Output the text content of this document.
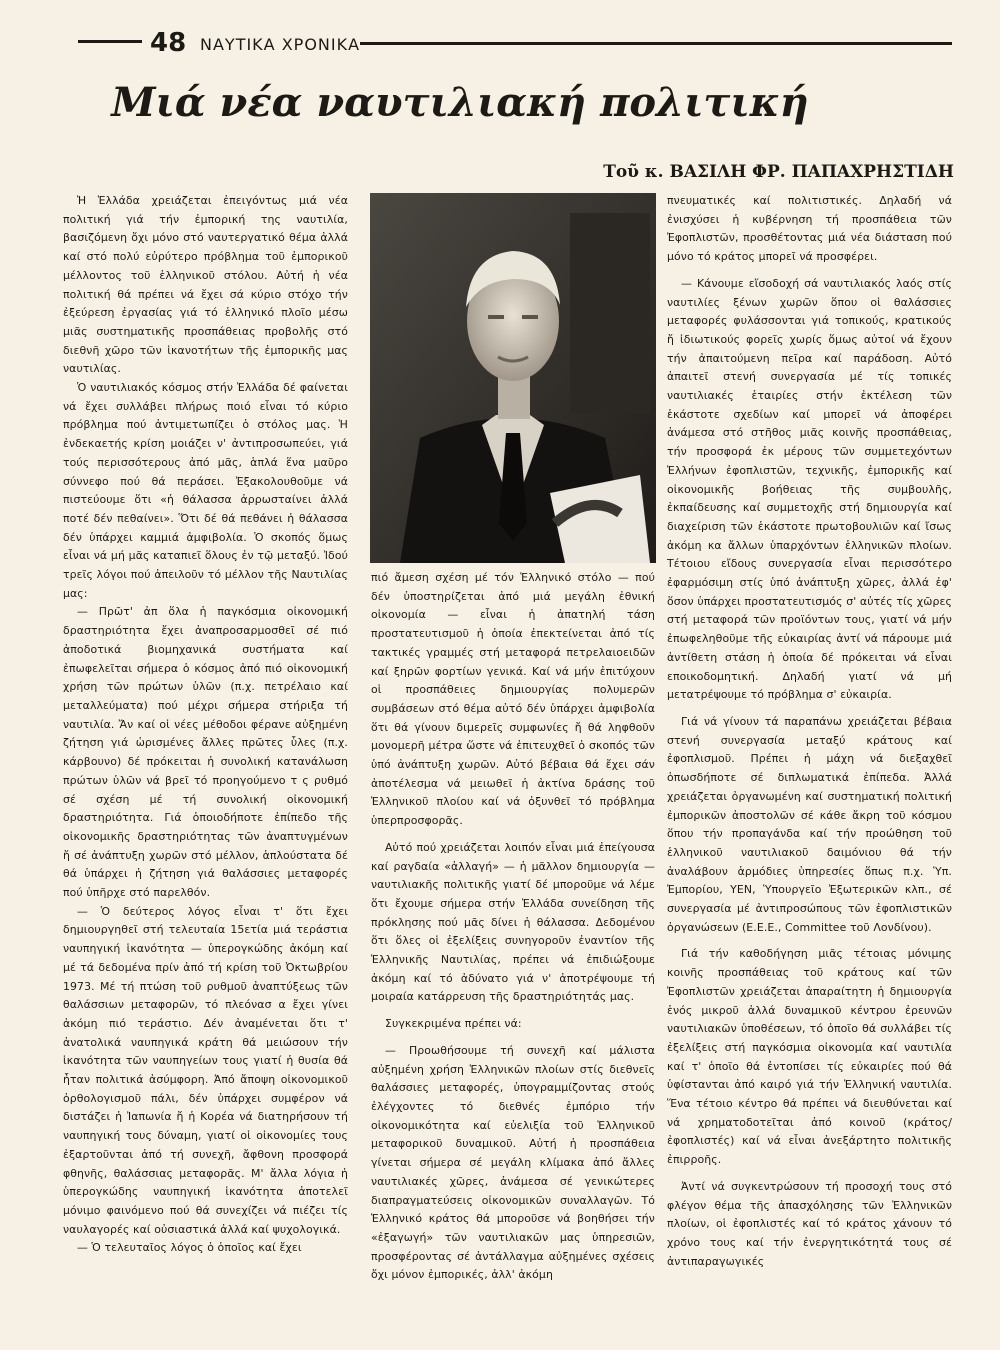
48 ΝΑΥΤΙΚΑ ΧΡΟΝΙΚΑ
Μιά νέα ναυτιλιακή πολιτική
Τοῦ κ. ΒΑΣΙΛΗ ΦΡ. ΠΑΠΑΧΡΗΣΤΙΔΗ

Ἡ Ἑλλάδα χρειάζεται ἐπειγόντως μιά νέα πολιτική γιά τήν ἐμπορική της ναυτιλία, βασιζόμενη ὄχι μόνο στό ναυτεργατικό θέμα ἀλλά καί στό πολύ εὐρύτερο πρόβλημα τοῦ ἐμπορικοῦ μέλλοντος τοῦ ἑλληνικοῦ στόλου. Αὐτή ἡ νέα πολιτική θά πρέπει νά ἔχει σά κύριο στόχο τήν ἐξεύρεση ἐργασίας γιά τό ἑλληνικό πλοῖο μέσω μιᾶς συστηματικῆς προσπάθειας προβολῆς στό διεθνῆ χῶρο τῶν ἱκανοτήτων τῆς ἐμπορικῆς μας ναυτιλίας.

Ὁ ναυτιλιακός κόσμος στήν Ἑλλάδα δέ φαίνεται νά ἔχει συλλάβει πλήρως ποιό εἶναι τό κύριο πρόβλημα πού ἀντιμετωπίζει ὁ στόλος μας. Ἡ ἐνδεκαετής κρίση μοιάζει ν' ἀντιπροσωπεύει, γιά τούς περισσότερους ἀπό μᾶς, ἁπλά ἕνα μαῦρο σύννεφο πού θά περάσει. Ἐξακολουθοῦμε νά πιστεύουμε ὅτι «ἡ θάλασσα ἀρρωσταίνει ἀλλά ποτέ δέν πεθαίνει». Ὅτι δέ θά πεθάνει ἡ θάλασσα δέν ὑπάρχει καμμιά ἀμφιβολία. Ὁ σκοπός ὅμως εἶναι νά μή μᾶς καταπιεῖ ὅλους ἐν τῷ μεταξύ. Ἰδού τρεῖς λόγοι πού ἀπειλοῦν τό μέλλον τῆς Ναυτιλίας μας:

— Πρῶτ' ἀπ ὅλα ἡ παγκόσμια οἰκονομική δραστηριότητα ἔχει ἀναπροσαρμοσθεῖ σέ πιό ἀποδοτικά βιομηχανικά συστήματα καί ἐπωφελεῖται σήμερα ὁ κόσμος ἀπό πιό οἰκονομική χρήση τῶν πρώτων ὑλῶν (π.χ. πετρέλαιο καί μεταλλεύματα) πού μέχρι σήμερα στήριξα τή ναυτιλία. Ἄν καί οἱ νέες μέθοδοι φέρανε αὐξημένη ζήτηση γιά ὡρισμένες ἄλλες πρῶτες ὗλες (π.χ. κάρβουνο) δέ πρόκειται ἡ συνολική κατανάλωση πρώτων ὑλῶν νά βρεῖ τό προηγούμενο τ ς ρυθμό σέ σχέση μέ τή συνολική οἰκονομική δραστηριότητα. Γιά ὁποιοδήποτε ἐπίπεδο τῆς οἰκονομικῆς δραστηριότητας τῶν ἀναπτυγμένων ἤ σέ ἀνάπτυξη χωρῶν στό μέλλον, ἁπλούστατα δέ θά ὑπάρχει ἡ ζήτηση γιά θαλάσσιες μεταφορές πού ὑπῆρχε στό παρελθόν.

— Ὁ δεύτερος λόγος εἶναι τ' ὅτι ἔχει δημιουργηθεῖ στή τελευταία 15ετία μιά τεράστια ναυπηγική ἱκανότητα — ὑπερογκώδης ἀκόμη καί μέ τά δεδομένα πρίν ἀπό τή κρίση τοῦ Ὀκτωβρίου 1973. Μέ τή πτώση τοῦ ρυθμοῦ ἀναπτύξεως τῶν θαλάσσιων μεταφορῶν, τό πλεόνασ α ἔχει γίνει ἀκόμη πιό τεράστιο. Δέν ἀναμένεται ὅτι τ' ἀνατολικά ναυπηγικά κράτη θά μειώσουν τήν ἱκανότητα τῶν ναυπηγείων τους γιατί ἡ θυσία θά ἦταν πολιτικά ἀσύμφορη. Ἀπό ἄποψη οἰκονομικοῦ ὀρθολογισμοῦ πάλι, δέν ὑπάρχει συμφέρον νά διστάζει ἡ Ἰαπωνία ἤ ἡ Κορέα νά διατηρήσουν τή ναυπηγική τους δύναμη, γιατί οἱ οἰκονομίες τους ἐξαρτοῦνται ἀπό τή συνεχῆ, ἄφθονη προσφορά φθηνῆς, θαλάσσιας μεταφορᾶς. Μ' ἄλλα λόγια ἡ ὑπερογκώδης ναυπηγική ἱκανότητα ἀποτελεῖ μόνιμο φαινόμενο πού θά συνεχίζει νά πιέζει τίς ναυλαγορές καί οὐσιαστικά ἀλλά καί ψυχολογικά.

— Ὁ τελευταῖος λόγος ὁ ὁποῖος καί ἔχει

πιό ἄμεση σχέση μέ τόν Ἑλληνικό στόλο — πού δέν ὑποστηρίζεται ἀπό μιά μεγάλη ἐθνική οἰκονομία — εἶναι ἡ ἀπατηλή τάση προστατευτισμοῦ ἡ ὁποία ἐπεκτείνεται ἀπό τίς τακτικές γραμμές στή μεταφορά πετρελαιοειδῶν καί ξηρῶν φορτίων γενικά. Καί νά μήν ἐπιτύχουν οἱ προσπάθειες δημιουργίας πολυμερῶν συμβάσεων στό θέμα αὐτό δέν ὑπάρχει ἀμφιβολία ὅτι θά γίνουν διμερεῖς συμφωνίες ἤ θά ληφθοῦν μονομερῆ μέτρα ὥστε νά ἐπιτευχθεῖ ὁ σκοπός τῶν ὑπό ἀνάπτυξη χωρῶν. Αὐτό βέβαια θά ἔχει σάν ἀποτέλεσμα νά μειωθεῖ ἡ ἀκτίνα δράσης τοῦ Ἑλληνικοῦ πλοίου καί νά ὀξυνθεῖ τό πρόβλημα ὑπερπροσφορᾶς.

Αὐτό πού χρειάζεται λοιπόν εἶναι μιά ἐπείγουσα καί ραγδαία «ἀλλαγή» — ἡ μᾶλλον δημιουργία — ναυτιλιακῆς πολιτικῆς γιατί δέ μποροῦμε νά λέμε ὅτι ἔχουμε σήμερα στήν Ἑλλάδα συνείδηση τῆς πρόκλησης πού μᾶς δίνει ἡ θάλασσα. Δεδομένου ὅτι ὅλες οἱ ἐξελίξεις συνηγοροῦν ἐναντίον τῆς Ἑλληνικῆς Ναυτιλίας, πρέπει νά ἐπιδιώξουμε ἀκόμη καί τό ἀδύνατο γιά ν' ἀποτρέψουμε τή μοιραία κατάρρευση τῆς δραστηριότητάς μας.

Συγκεκριμένα πρέπει νά:

— Προωθήσουμε τή συνεχῆ καί μάλιστα αὐξημένη χρήση Ἑλληνικῶν πλοίων στίς διεθνεῖς θαλάσσιες μεταφορές, ὑπογραμμίζοντας στούς ἐλέγχοντες τό διεθνές ἐμπόριο τήν οἰκονομικότητα καί εὐελιξία τοῦ Ἑλληνικοῦ μεταφορικοῦ δυναμικοῦ. Αὐτή ἡ προσπάθεια γίνεται σήμερα σέ μεγάλη κλίμακα ἀπό ἄλλες ναυτιλιακές χῶρες, ἀνάμεσα σέ γενικώτερες διαπραγματεύσεις οἰκονομικῶν συναλλαγῶν. Τό Ἑλληνικό κράτος θά μποροῦσε νά βοηθήσει τήν «ἐξαγωγή» τῶν ναυτιλιακῶν μας ὑπηρεσιῶν, προσφέροντας σέ ἀντάλλαγμα αὐξημένες σχέσεις ὄχι μόνον ἐμπορικές, ἀλλ' ἀκόμη

πνευματικές καί πολιτιστικές. Δηλαδή νά ἐνισχύσει ἡ κυβέρνηση τή προσπάθεια τῶν Ἐφοπλιστῶν, προσθέτοντας μιά νέα διάσταση πού μόνο τό κράτος μπορεῖ νά προσφέρει.

— Κάνουμε εἴσοδοχή σά ναυτιλιακός λαός στίς ναυτιλίες ξένων χωρῶν ὅπου οἱ θαλάσσιες μεταφορές φυλάσσονται γιά τοπικούς, κρατικούς ἤ ἰδιωτικούς φορεῖς χωρίς ὅμως αὐτοί νά ἔχουν τήν ἀπαιτούμενη πεῖρα καί παράδοση. Αὐτό ἀπαιτεῖ στενή συνεργασία μέ τίς τοπικές ναυτιλιακές ἑταιρίες στήν ἐκτέλεση τῶν ἑκάστοτε σχεδίων καί μπορεῖ νά ἀποφέρει ἀνάμεσα στό στῆθος μιᾶς κοινῆς προσπάθειας, τήν προσφορά ἐκ μέρους τῶν συμμετεχόντων Ἑλλήνων ἐφοπλιστῶν, τεχνικῆς, ἐμπορικῆς καί οἰκονομικῆς βοήθειας τῆς συμβουλῆς, ἐκπαίδευσης καί συμμετοχῆς στή δημιουργία καί διαχείριση τῶν ἑκάστοτε πρωτοβουλιῶν καί ἴσως ἀκόμη κα ἄλλων ὑπαρχόντων ἑλληνικῶν πλοίων. Τέτοιου εἴδους συνεργασία εἶναι περισσότερο ἐφαρμόσιμη στίς ὑπό ἀνάπτυξη χῶρες, ἀλλά ἐφ' ὅσον ὑπάρχει προστατευτισμός σ' αὐτές τίς χῶρες στή μεταφορά τῶν προϊόντων τους, γιατί νά μήν ἐπωφεληθοῦμε τῆς εὐκαιρίας ἀντί νά πάρουμε μιά ἀντίθετη στάση ἡ ὁποία δέ πρόκειται νά εἶναι εποικοδομητική. Δηλαδή γιατί νά μή μετατρέψουμε τό πρόβλημα σ' εὐκαιρία.

Γιά νά γίνουν τά παραπάνω χρειάζεται βέβαια στενή συνεργασία μεταξύ κράτους καί ἐφοπλισμοῦ. Πρέπει ἡ μάχη νά διεξαχθεῖ ὁπωσδήποτε σέ διπλωματικά ἐπίπεδα. Ἀλλά χρειάζεται ὀργανωμένη καί συστηματική πολιτική ἐμπορικῶν ἀποστολῶν σέ κάθε ἄκρη τοῦ κόσμου ὅπου τήν προπαγάνδα καί τήν προώθηση τοῦ ἑλληνικοῦ ναυτιλιακοῦ δαιμόνιου θά τήν ἀναλάβουν ἁρμόδιες ὑπηρεσίες ὅπως π.χ. Ὑπ. Ἐμπορίου, ΥΕΝ, Ὑπουργεῖο Ἐξωτερικῶν κλπ., σέ συνεργασία μέ ἀντιπροσώπους τῶν ἐφοπλιστικῶν ὀργανώσεων (Ε.Ε.Ε., Committee τοῦ Λονδίνου).

Γιά τήν καθοδήγηση μιᾶς τέτοιας μόνιμης κοινῆς προσπάθειας τοῦ κράτους καί τῶν Ἐφοπλιστῶν χρειάζεται ἀπαραίτητη ἡ δημιουργία ἑνός μικροῦ ἀλλά δυναμικοῦ κέντρου ἐρευνῶν ναυτιλιακῶν ὑποθέσεων, τό ὁποῖο θά συλλάβει τίς ἐξελίξεις στή παγκόσμια οἰκονομία καί ναυτιλία καί τ' ὁποῖο θά ἐντοπίσει τίς εὐκαιρίες πού θά ὑφίστανται ἀπό καιρό γιά τήν Ἑλληνική ναυτιλία. Ἕνα τέτοιο κέντρο θά πρέπει νά διευθύνεται καί νά χρηματοδοτεῖται ἀπό κοινοῦ (κράτος/ἐφοπλιστές) καί νά εἶναι ἀνεξάρτητο πολιτικῆς ἐπιρροῆς.

Ἀντί νά συγκεντρώσουν τή προσοχή τους στό φλέγον θέμα τῆς ἀπασχόλησης τῶν Ἑλληνικῶν πλοίων, οἱ ἐφοπλιστές καί τό κράτος χάνουν τό χρόνο τους καί τήν ἐνεργητικότητά τους σέ ἀντιπαραγωγικές
